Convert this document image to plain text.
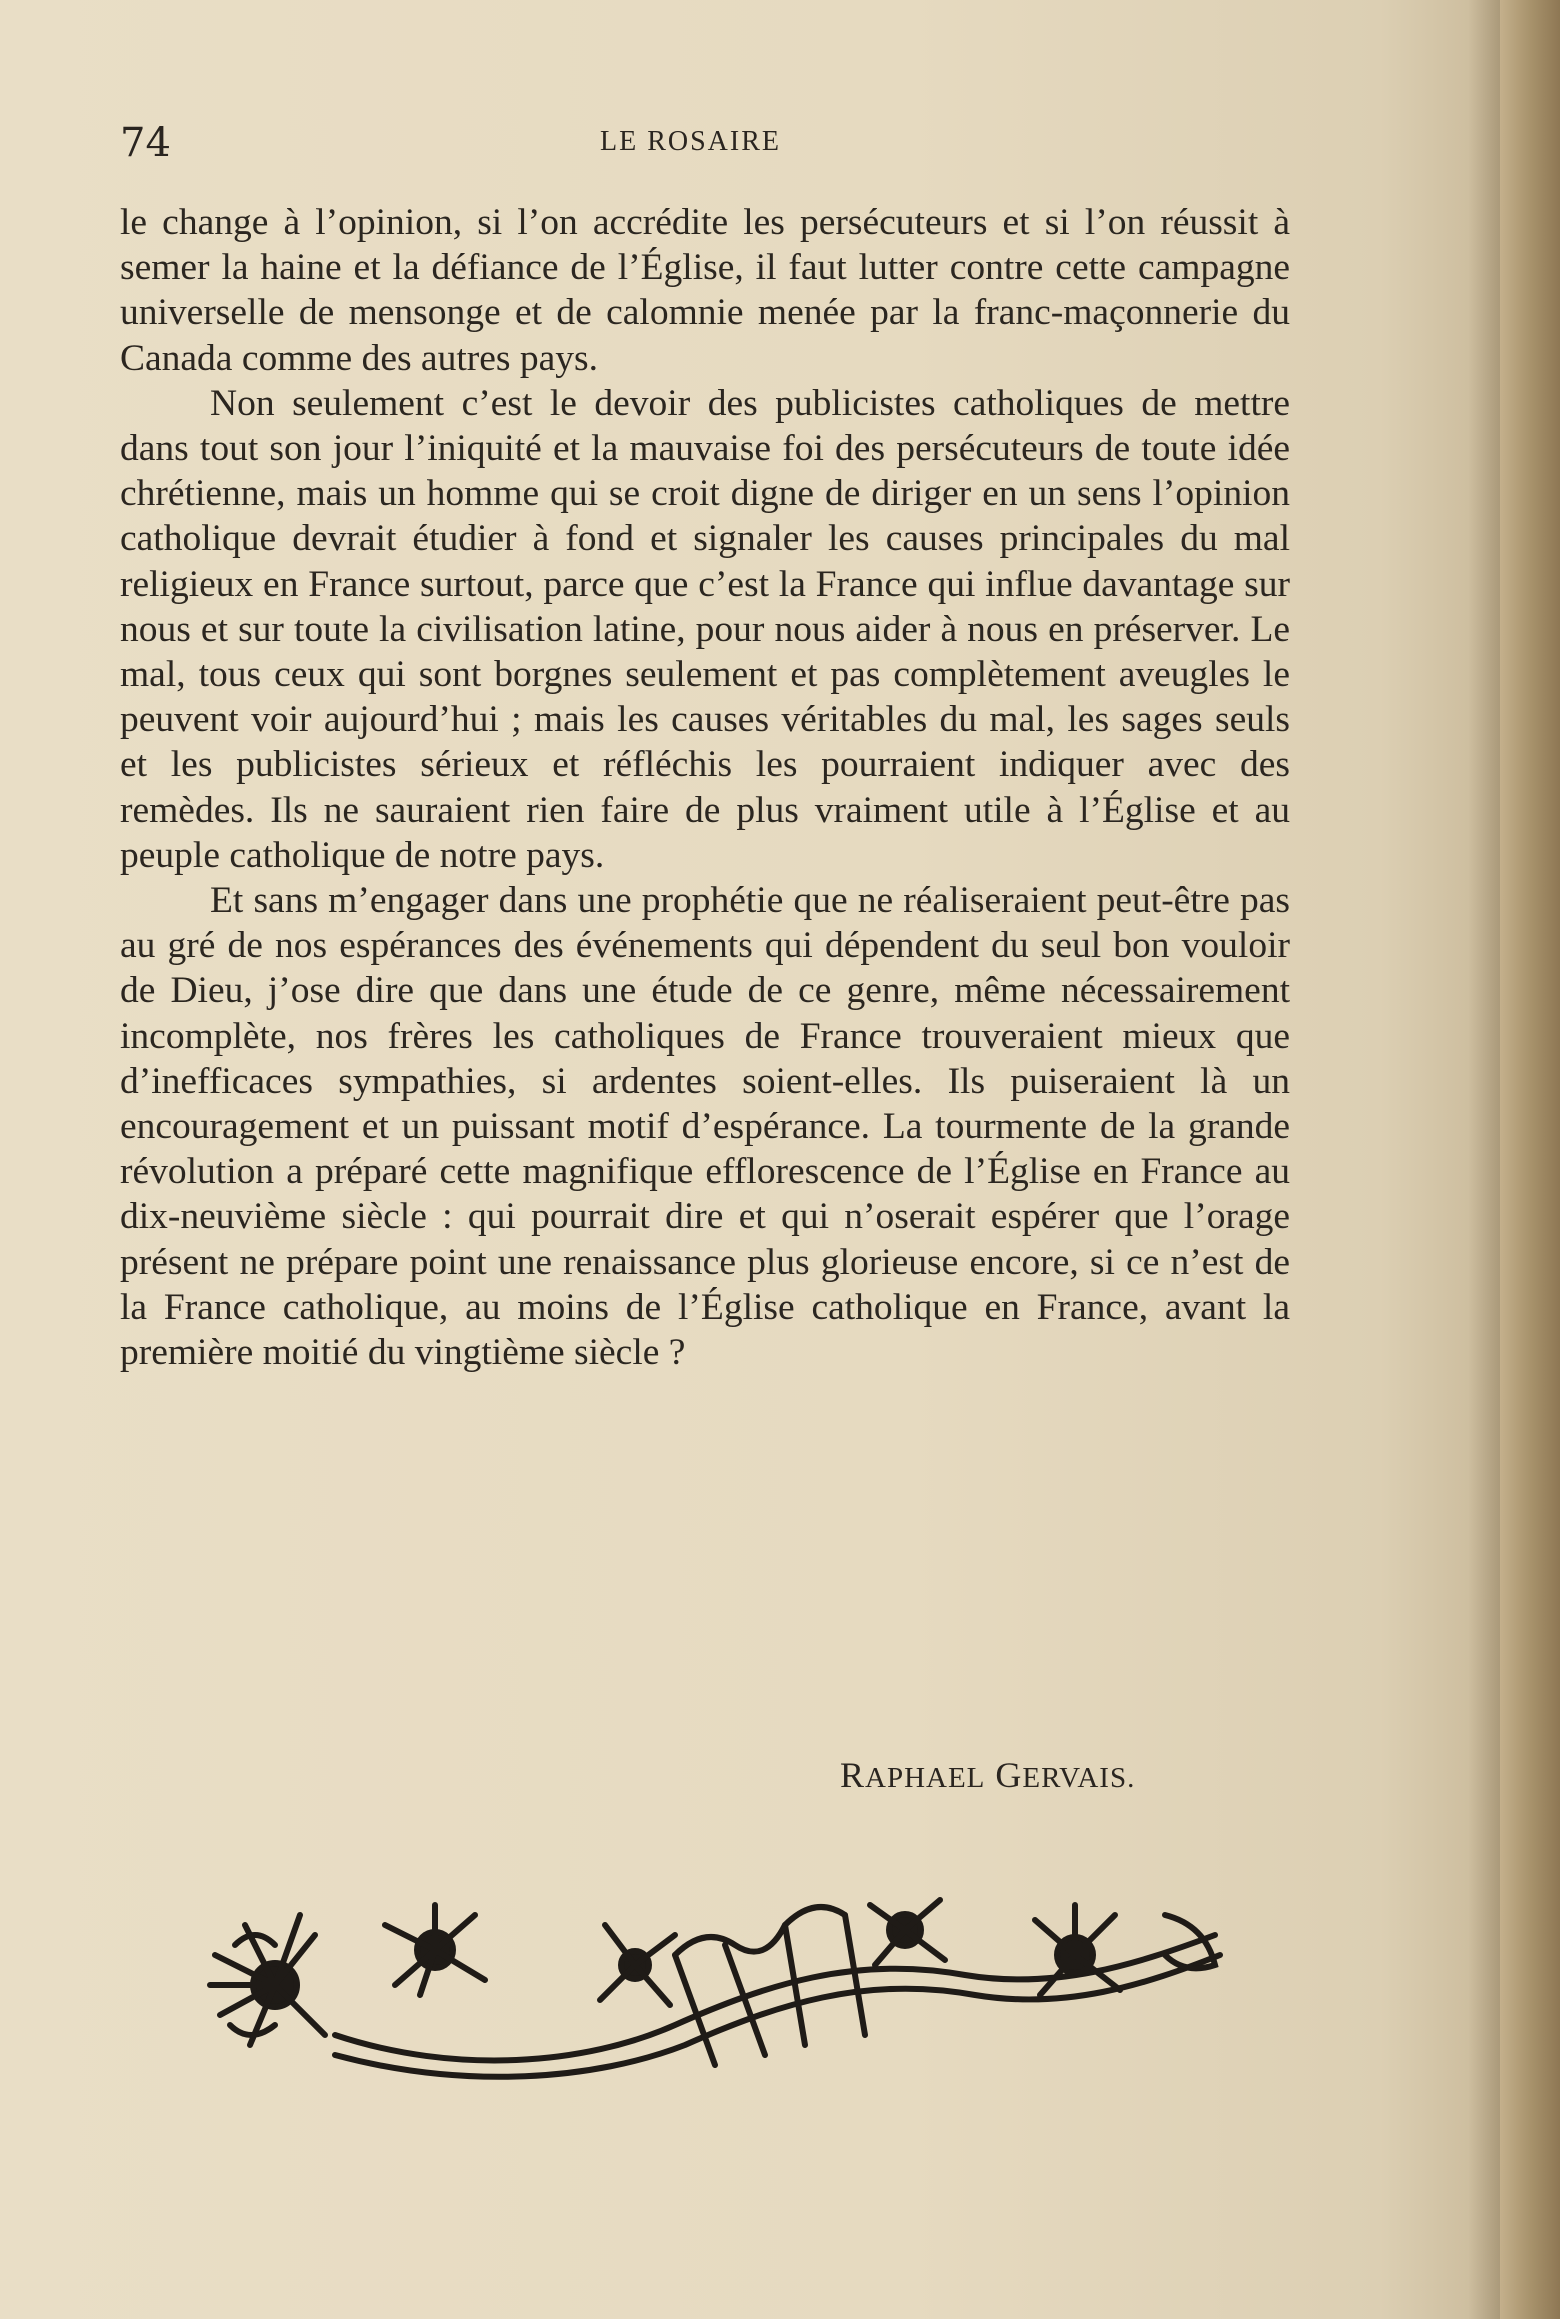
74	LE ROSAIRE

le change à l’opinion, si l’on accrédite les persécuteurs et si l’on réussit à semer la haine et la défiance de l’Église, il faut lutter contre cette campagne universelle de mensonge et de calomnie menée par la franc-maçonnerie du Canada comme des autres pays.

Non seulement c’est le devoir des publicistes catholiques de mettre dans tout son jour l’iniquité et la mauvaise foi des persécuteurs de toute idée chrétienne, mais un homme qui se croit digne de diriger en un sens l’opinion catholique devrait étudier à fond et signaler les causes principales du mal religieux en France surtout, parce que c’est la France qui influe davantage sur nous et sur toute la civilisation latine, pour nous aider à nous en préserver. Le mal, tous ceux qui sont borgnes seulement et pas complètement aveugles le peuvent voir aujourd’hui ; mais les causes véritables du mal, les sages seuls et les publicistes sérieux et réfléchis les pourraient indiquer avec des remèdes. Ils ne sauraient rien faire de plus vraiment utile à l’Église et au peuple catholique de notre pays.

Et sans m’engager dans une prophétie que ne réaliseraient peut-être pas au gré de nos espérances des événements qui dépendent du seul bon vouloir de Dieu, j’ose dire que dans une étude de ce genre, même nécessairement incomplète, nos frères les catholiques de France trouveraient mieux que d’inefficaces sympathies, si ardentes soient-elles. Ils puiseraient là un encouragement et un puissant motif d’espérance. La tourmente de la grande révolution a préparé cette magnifique efflorescence de l’Église en France au dix-neuvième siècle : qui pourrait dire et qui n’oserait espérer que l’orage présent ne prépare point une renaissance plus glorieuse encore, si ce n’est de la France catholique, au moins de l’Église catholique en France, avant la première moitié du vingtième siècle ?

RAPHAEL GERVAIS.
